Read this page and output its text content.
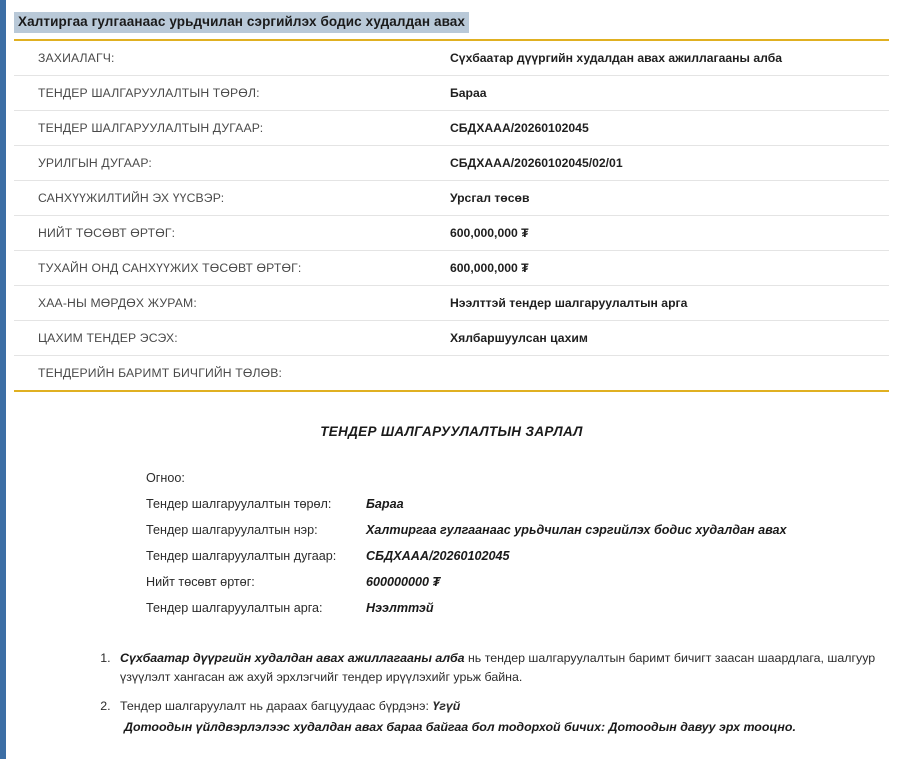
Халтиргаа гулгаанаас урьдчилан сэргийлэх бодис худалдан авах
ЗАХИАЛАГЧ:	Сүхбаатар дүүргийн худалдан авах ажиллагааны алба
ТЕНДЕР ШАЛГАРУУЛАЛТЫН ТӨРӨЛ:	Бараа
ТЕНДЕР ШАЛГАРУУЛАЛТЫН ДУГААР:	СБДХААА/20260102045
УРИЛГЫН ДУГААР:	СБДХААА/20260102045/02/01
САНХҮҮЖИЛТИЙН ЭХ ҮҮСВЭР:	Урсгал төсөв
НИЙТ ТӨСӨВТ ӨРТӨГ:	600,000,000 ₮
ТУХАЙН ОНД САНХҮҮЖИХ ТӨСӨВТ ӨРТӨГ:	600,000,000 ₮
ХАА-НЫ МӨРДӨХ ЖУРАМ:	Нээлттэй тендер шалгаруулалтын арга
ЦАХИМ ТЕНДЕР ЭСЭХ:	Хялбаршуулсан цахим
ТЕНДЕРИЙН БАРИМТ БИЧГИЙН ТӨЛӨВ:	
ТЕНДЕР ШАЛГАРУУЛАЛТЫН ЗАРЛАЛ
Огноо:	
Тендер шалгаруулалтын төрөл:	Бараа
Тендер шалгаруулалтын нэр:	Халтиргаа гулгаанаас урьдчилан сэргийлэх бодис худалдан авах
Тендер шалгаруулалтын дугаар:	СБДХААА/20260102045
Нийт төсөвт өртөг:	600000000 ₮
Тендер шалгаруулалтын арга:	Нээлттэй
1. Сүхбаатар дүүргийн худалдан авах ажиллагааны алба нь тендер шалгаруулалтын баримт бичигт заасан шаардлага, шалгуур үзүүлэлт хангасан аж ахуй эрхлэгчийг тендер ирүүлэхийг урьж байна.
2. Тендер шалгаруулалт нь дараах багцуудаас бүрдэнэ: Үгүй
Дотоодын үйлдвэрлэлээс худалдан авах бараа байгаа бол тодорхой бичих: Дотоодын давуу эрх тооцно.
